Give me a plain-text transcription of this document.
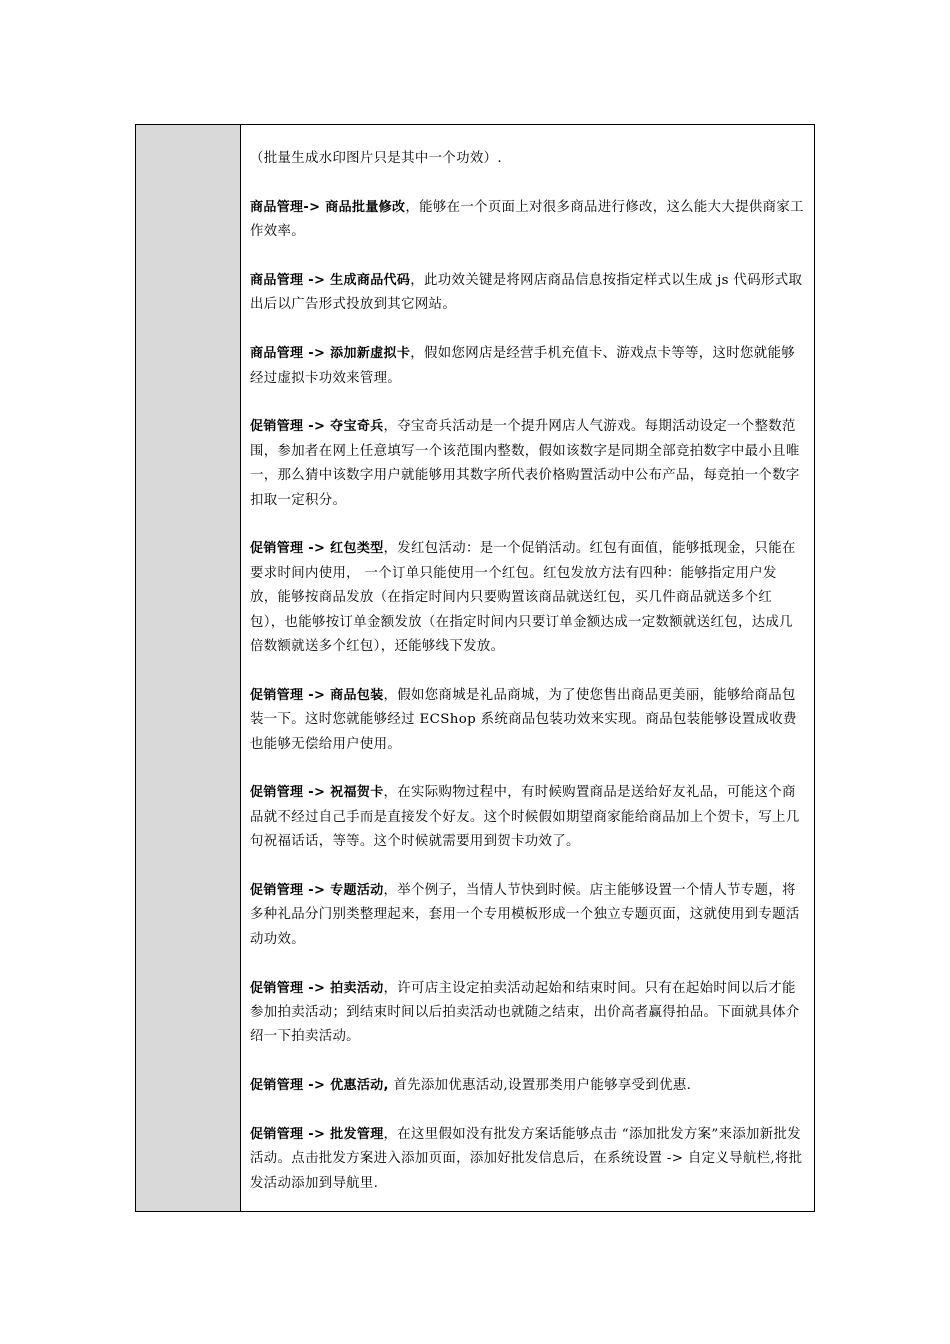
（批量生成水印图片只是其中一个功效）.

商品管理-> 商品批量修改，能够在一个页面上对很多商品进行修改，这么能大大提供商家工作效率。

商品管理 -> 生成商品代码，此功效关键是将网店商品信息按指定样式以生成 js 代码形式取出后以广告形式投放到其它网站。

商品管理 -> 添加新虚拟卡，假如您网店是经营手机充值卡、游戏点卡等等，这时您就能够经过虚拟卡功效来管理。

促销管理 -> 夺宝奇兵，夺宝奇兵活动是一个提升网店人气游戏。每期活动设定一个整数范围，参加者在网上任意填写一个该范围内整数，假如该数字是同期全部竞拍数字中最小且唯一，那么猜中该数字用户就能够用其数字所代表价格购置活动中公布产品，每竞拍一个数字扣取一定积分。

促销管理 -> 红包类型，发红包活动：是一个促销活动。红包有面值，能够抵现金，只能在要求时间内使用， 一个订单只能使用一个红包。红包发放方法有四种：能够指定用户发放，能够按商品发放（在指定时间内只要购置该商品就送红包，买几件商品就送多个红包），也能够按订单金额发放（在指定时间内只要订单金额达成一定数额就送红包，达成几倍数额就送多个红包），还能够线下发放。

促销管理 -> 商品包装，假如您商城是礼品商城，为了使您售出商品更美丽，能够给商品包装一下。这时您就能够经过 ECShop 系统商品包装功效来实现。商品包装能够设置成收费也能够无偿给用户使用。

促销管理 -> 祝福贺卡，在实际购物过程中，有时候购置商品是送给好友礼品，可能这个商品就不经过自己手而是直接发个好友。这个时候假如期望商家能给商品加上个贺卡，写上几句祝福话话，等等。这个时候就需要用到贺卡功效了。

促销管理 -> 专题活动，举个例子，当情人节快到时候。店主能够设置一个情人节专题，将多种礼品分门别类整理起来，套用一个专用模板形成一个独立专题页面，这就使用到专题活动功效。

促销管理 -> 拍卖活动，许可店主设定拍卖活动起始和结束时间。只有在起始时间以后才能参加拍卖活动；到结束时间以后拍卖活动也就随之结束，出价高者赢得拍品。下面就具体介绍一下拍卖活动。

促销管理 -> 优惠活动, 首先添加优惠活动,设置那类用户能够享受到优惠.

促销管理 -> 批发管理，在这里假如没有批发方案话能够点击 “添加批发方案”来添加新批发活动。点击批发方案进入添加页面，添加好批发信息后，在系统设置 -> 自定义导航栏,将批发活动添加到导航里.
